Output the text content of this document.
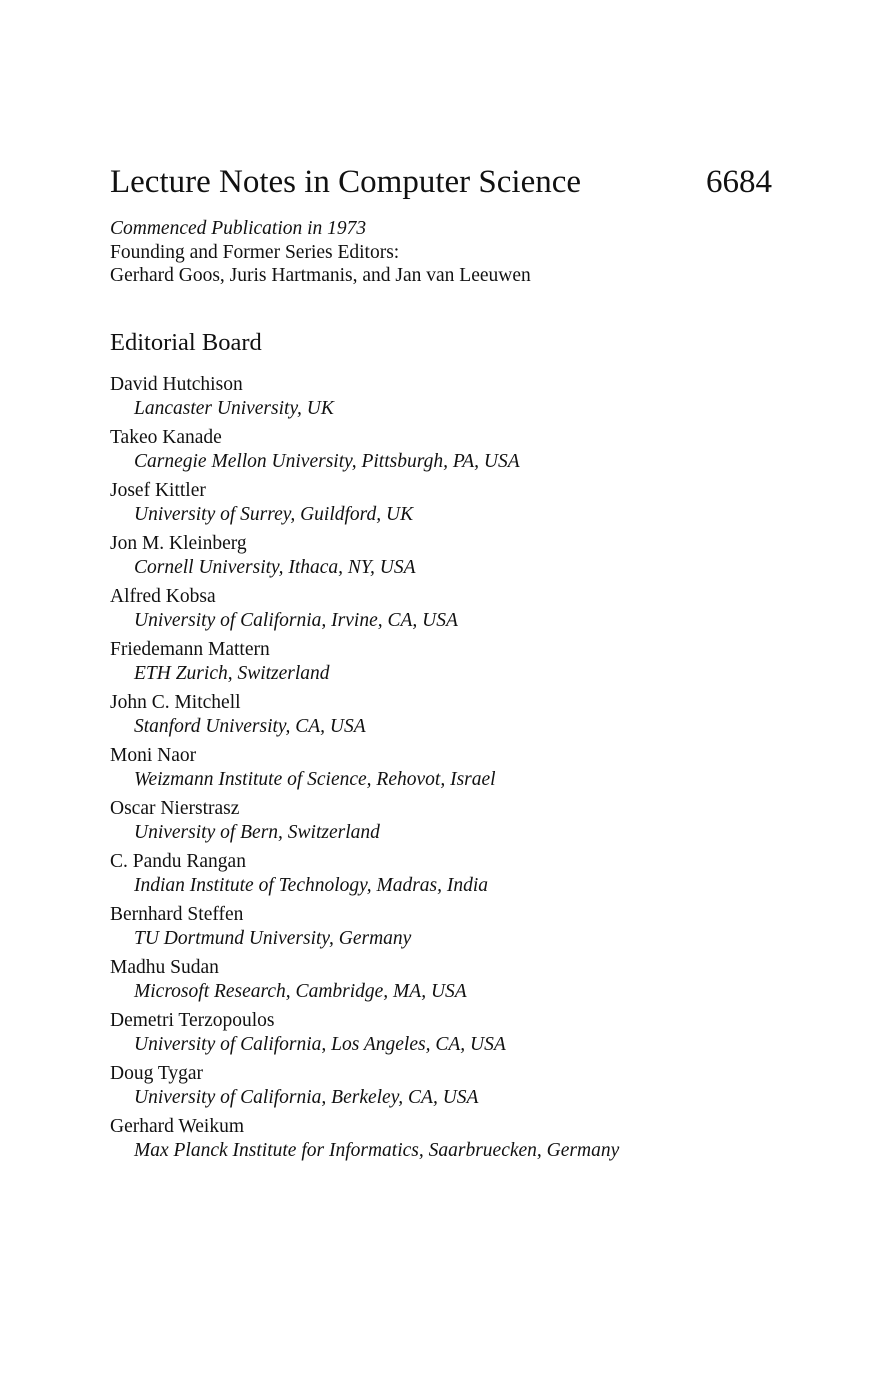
Lecture Notes in Computer Science	6684
Commenced Publication in 1973
Founding and Former Series Editors:
Gerhard Goos, Juris Hartmanis, and Jan van Leeuwen
Editorial Board
David Hutchison
Lancaster University, UK
Takeo Kanade
Carnegie Mellon University, Pittsburgh, PA, USA
Josef Kittler
University of Surrey, Guildford, UK
Jon M. Kleinberg
Cornell University, Ithaca, NY, USA
Alfred Kobsa
University of California, Irvine, CA, USA
Friedemann Mattern
ETH Zurich, Switzerland
John C. Mitchell
Stanford University, CA, USA
Moni Naor
Weizmann Institute of Science, Rehovot, Israel
Oscar Nierstrasz
University of Bern, Switzerland
C. Pandu Rangan
Indian Institute of Technology, Madras, India
Bernhard Steffen
TU Dortmund University, Germany
Madhu Sudan
Microsoft Research, Cambridge, MA, USA
Demetri Terzopoulos
University of California, Los Angeles, CA, USA
Doug Tygar
University of California, Berkeley, CA, USA
Gerhard Weikum
Max Planck Institute for Informatics, Saarbruecken, Germany
